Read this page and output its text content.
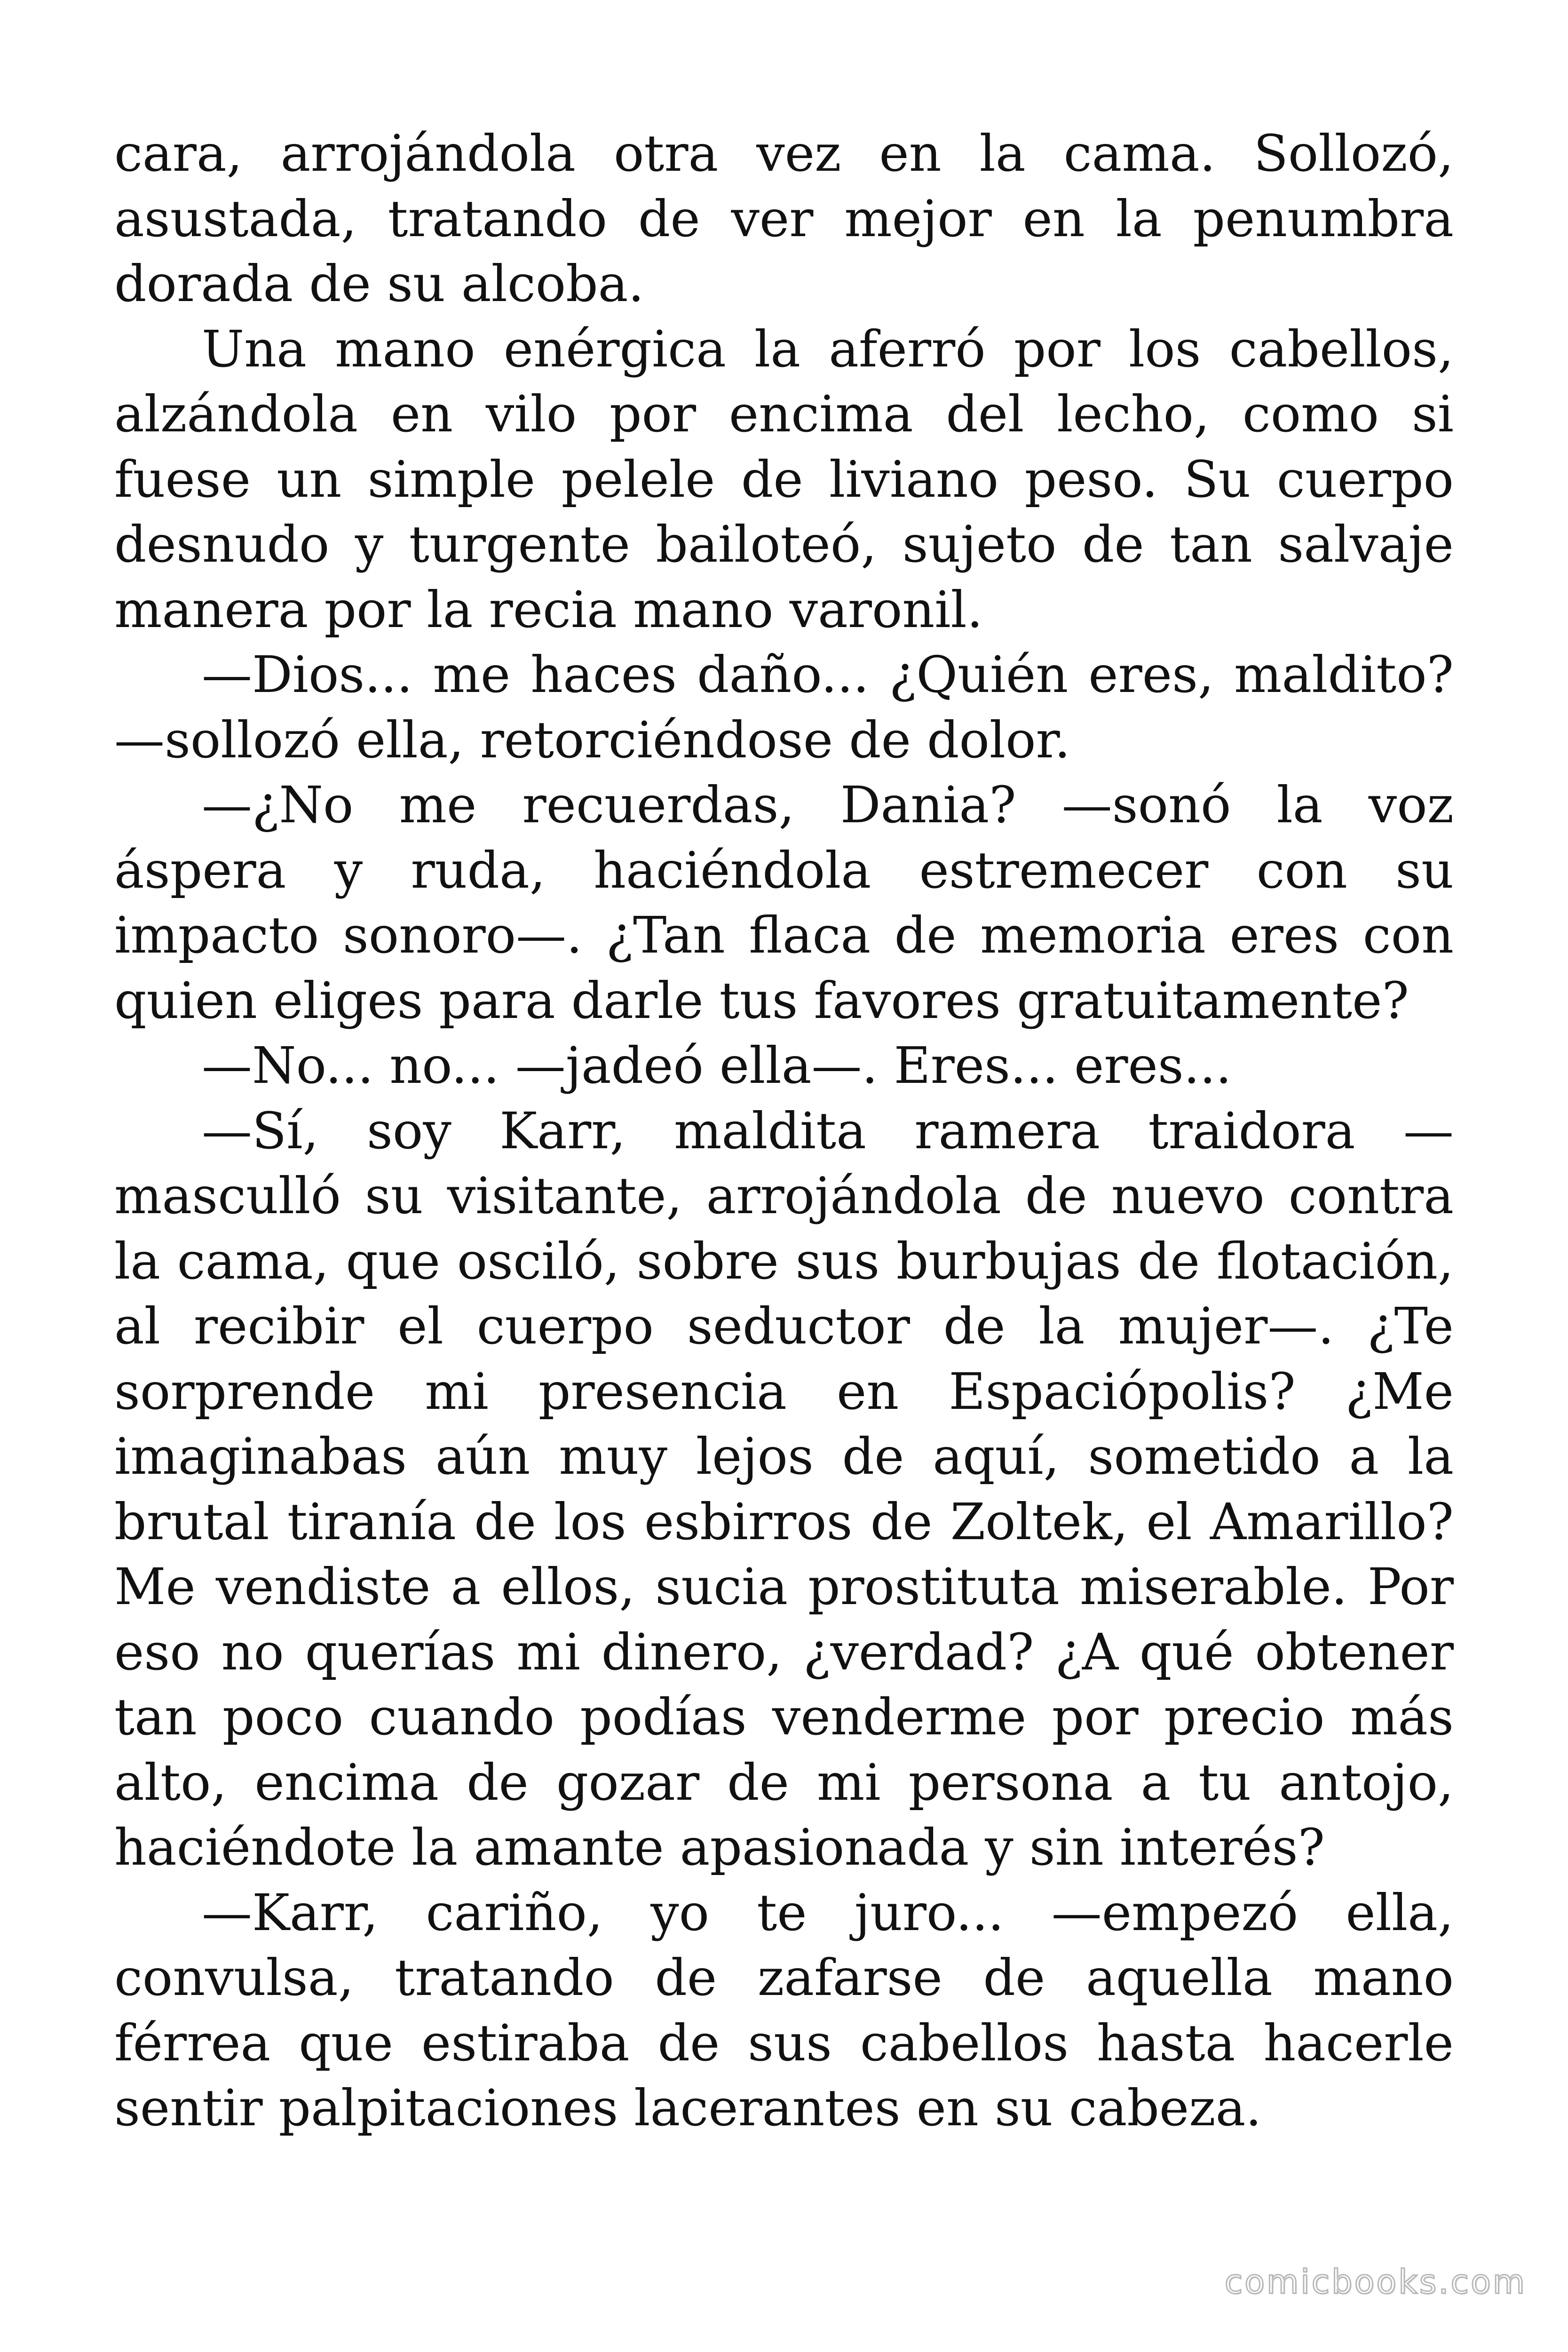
cara, arrojándola otra vez en la cama. Sollozó, asustada, tratando de ver mejor en la penumbra dorada de su alcoba.

Una mano enérgica la aferró por los cabellos, alzándola en vilo por encima del lecho, como si fuese un simple pelele de liviano peso. Su cuerpo desnudo y turgente bailoteó, sujeto de tan salvaje manera por la recia mano varonil.

—Dios... me haces daño... ¿Quién eres, maldito? —sollozó ella, retorciéndose de dolor.

—¿No me recuerdas, Dania? —sonó la voz áspera y ruda, haciéndola estremecer con su impacto sonoro—. ¿Tan flaca de memoria eres con quien eliges para darle tus favores gratuitamente?

—No... no... —jadeó ella—. Eres... eres...

—Sí, soy Karr, maldita ramera traidora —masculló su visitante, arrojándola de nuevo contra la cama, que osciló, sobre sus burbujas de flotación, al recibir el cuerpo seductor de la mujer—. ¿Te sorprende mi presencia en Espaciópolis? ¿Me imaginabas aún muy lejos de aquí, sometido a la brutal tiranía de los esbirros de Zoltek, el Amarillo? Me vendiste a ellos, sucia prostituta miserable. Por eso no querías mi dinero, ¿verdad? ¿A qué obtener tan poco cuando podías venderme por precio más alto, encima de gozar de mi persona a tu antojo, haciéndote la amante apasionada y sin interés?

—Karr, cariño, yo te juro... —empezó ella, convulsa, tratando de zafarse de aquella mano férrea que estiraba de sus cabellos hasta hacerle sentir palpitaciones lacerantes en su cabeza.

comicbooks.com
